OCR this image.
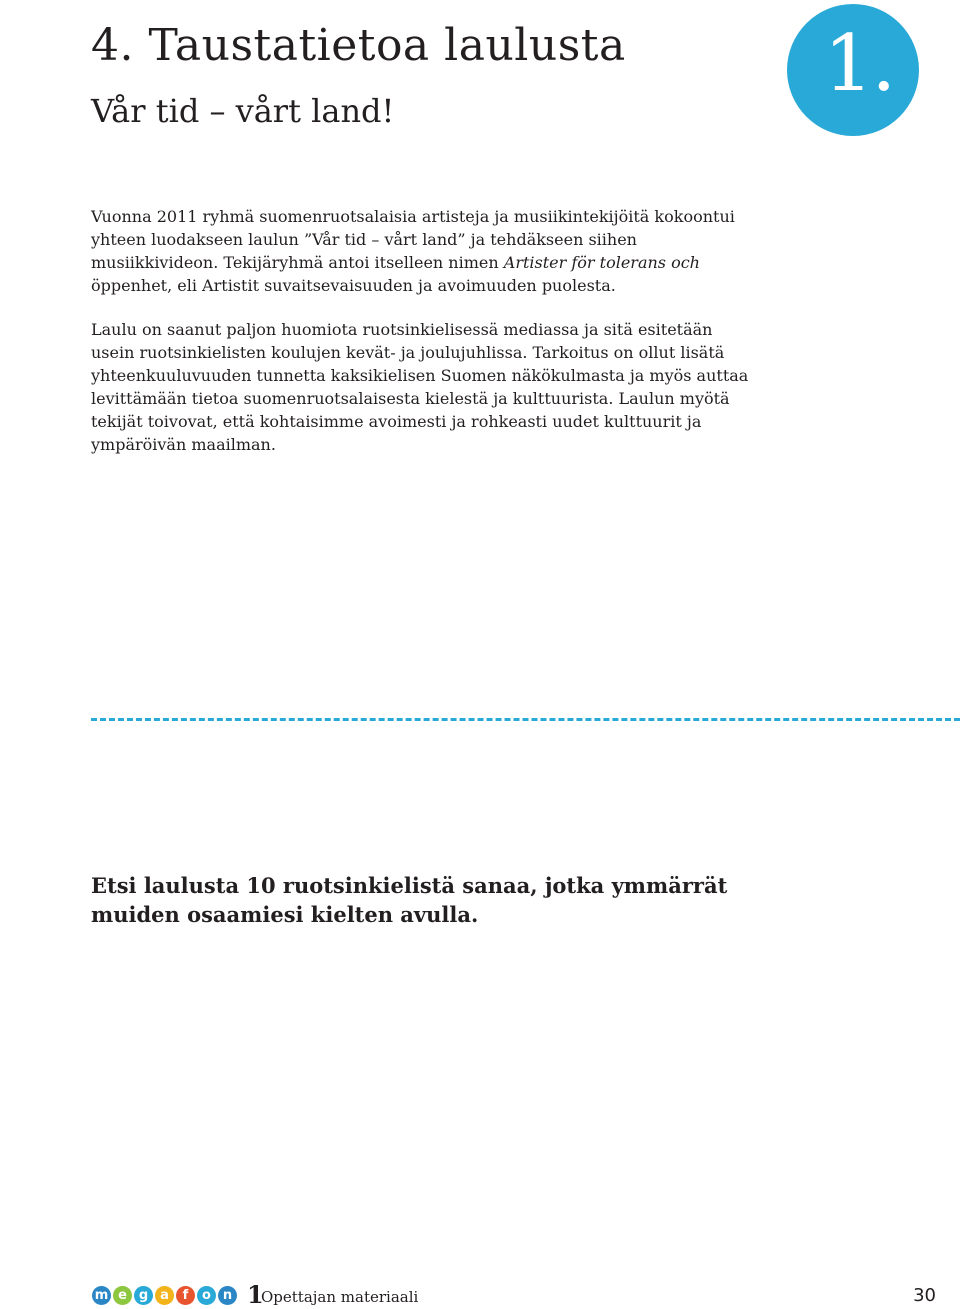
4. Taustatietoa laulusta
Vår tid – vårt land!
1.

Vuonna 2011 ryhmä suomenruotsalaisia artisteja ja musiikintekijöitä kokoontui yhteen luodakseen laulun ”Vår tid – vårt land” ja tehdäkseen siihen musiikkivideon. Tekijäryhmä antoi itselleen nimen Artister för tolerans och öppenhet, eli Artistit suvaitsevaisuuden ja avoimuuden puolesta.

Laulu on saanut paljon huomiota ruotsinkielisessä mediassa ja sitä esitetään usein ruotsinkielisten koulujen kevät- ja joulujuhlissa. Tarkoitus on ollut lisätä yhteenkuuluvuuden tunnetta kaksikielisen Suomen näkökulmasta ja myös auttaa levittämään tietoa suomenruotsalaisesta kielestä ja kulttuurista. Laulun myötä tekijät toivovat, että kohtaisimme avoimesti ja rohkeasti uudet kulttuurit ja ympäröivän maailman.

Etsi laulusta 10 ruotsinkielistä sanaa, jotka ymmärrät muiden osaamiesi kielten avulla.

m e g a	f	o n 1
Opettajan materiaali	30
